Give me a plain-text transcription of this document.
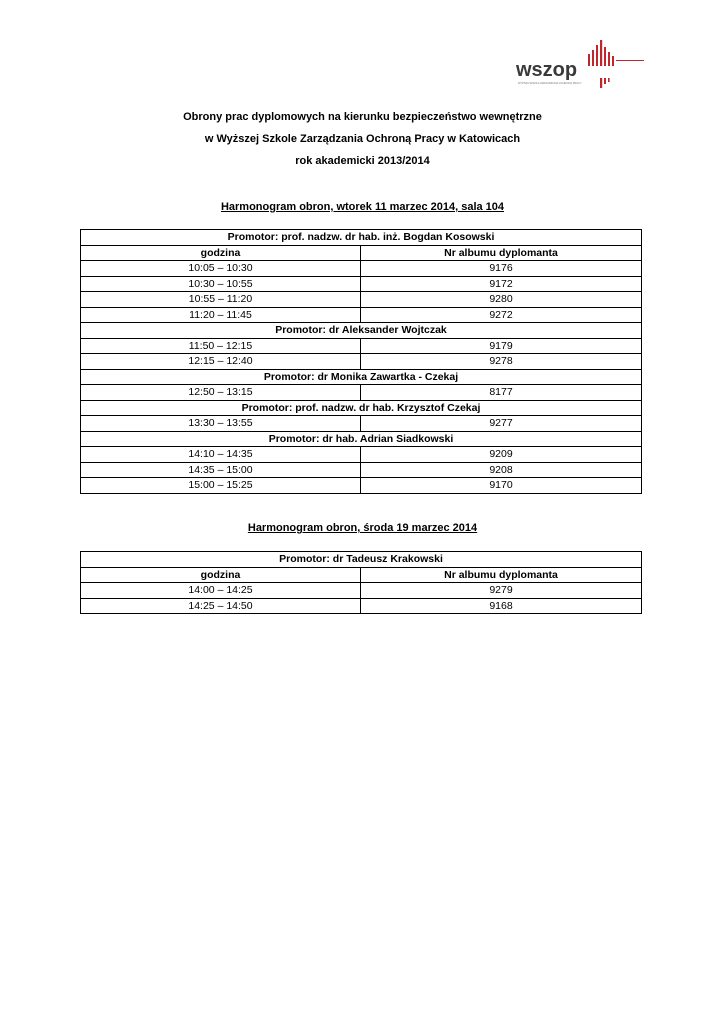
wszop
WYŻSZA SZKOŁA ZARZĄDZANIA OCHRONĄ PRACY
Obrony prac dyplomowych na kierunku bezpieczeństwo wewnętrzne
w Wyższej Szkole Zarządzania Ochroną Pracy w Katowicach
rok akademicki 2013/2014
Harmonogram obron, wtorek 11 marzec 2014, sala 104
Promotor: prof. nadzw. dr hab. inż. Bogdan Kosowski	
godzina	Nr albumu dyplomanta
10:05 – 10:30	9176
10:30 – 10:55	9172
10:55 – 11:20	9280
11:20 – 11:45	9272
Promotor: dr Aleksander Wojtczak	
11:50 – 12:15	9179
12:15 – 12:40	9278
Promotor: dr Monika Zawartka - Czekaj	
12:50 – 13:15	8177
Promotor: prof. nadzw. dr hab. Krzysztof Czekaj	
13:30 – 13:55	9277
Promotor: dr hab. Adrian Siadkowski	
14:10 – 14:35	9209
14:35 – 15:00	9208
15:00 – 15:25	9170
Harmonogram obron, środa 19 marzec 2014
Promotor: dr Tadeusz Krakowski	
godzina	Nr albumu dyplomanta
14:00 – 14:25	9279
14:25 – 14:50	9168
